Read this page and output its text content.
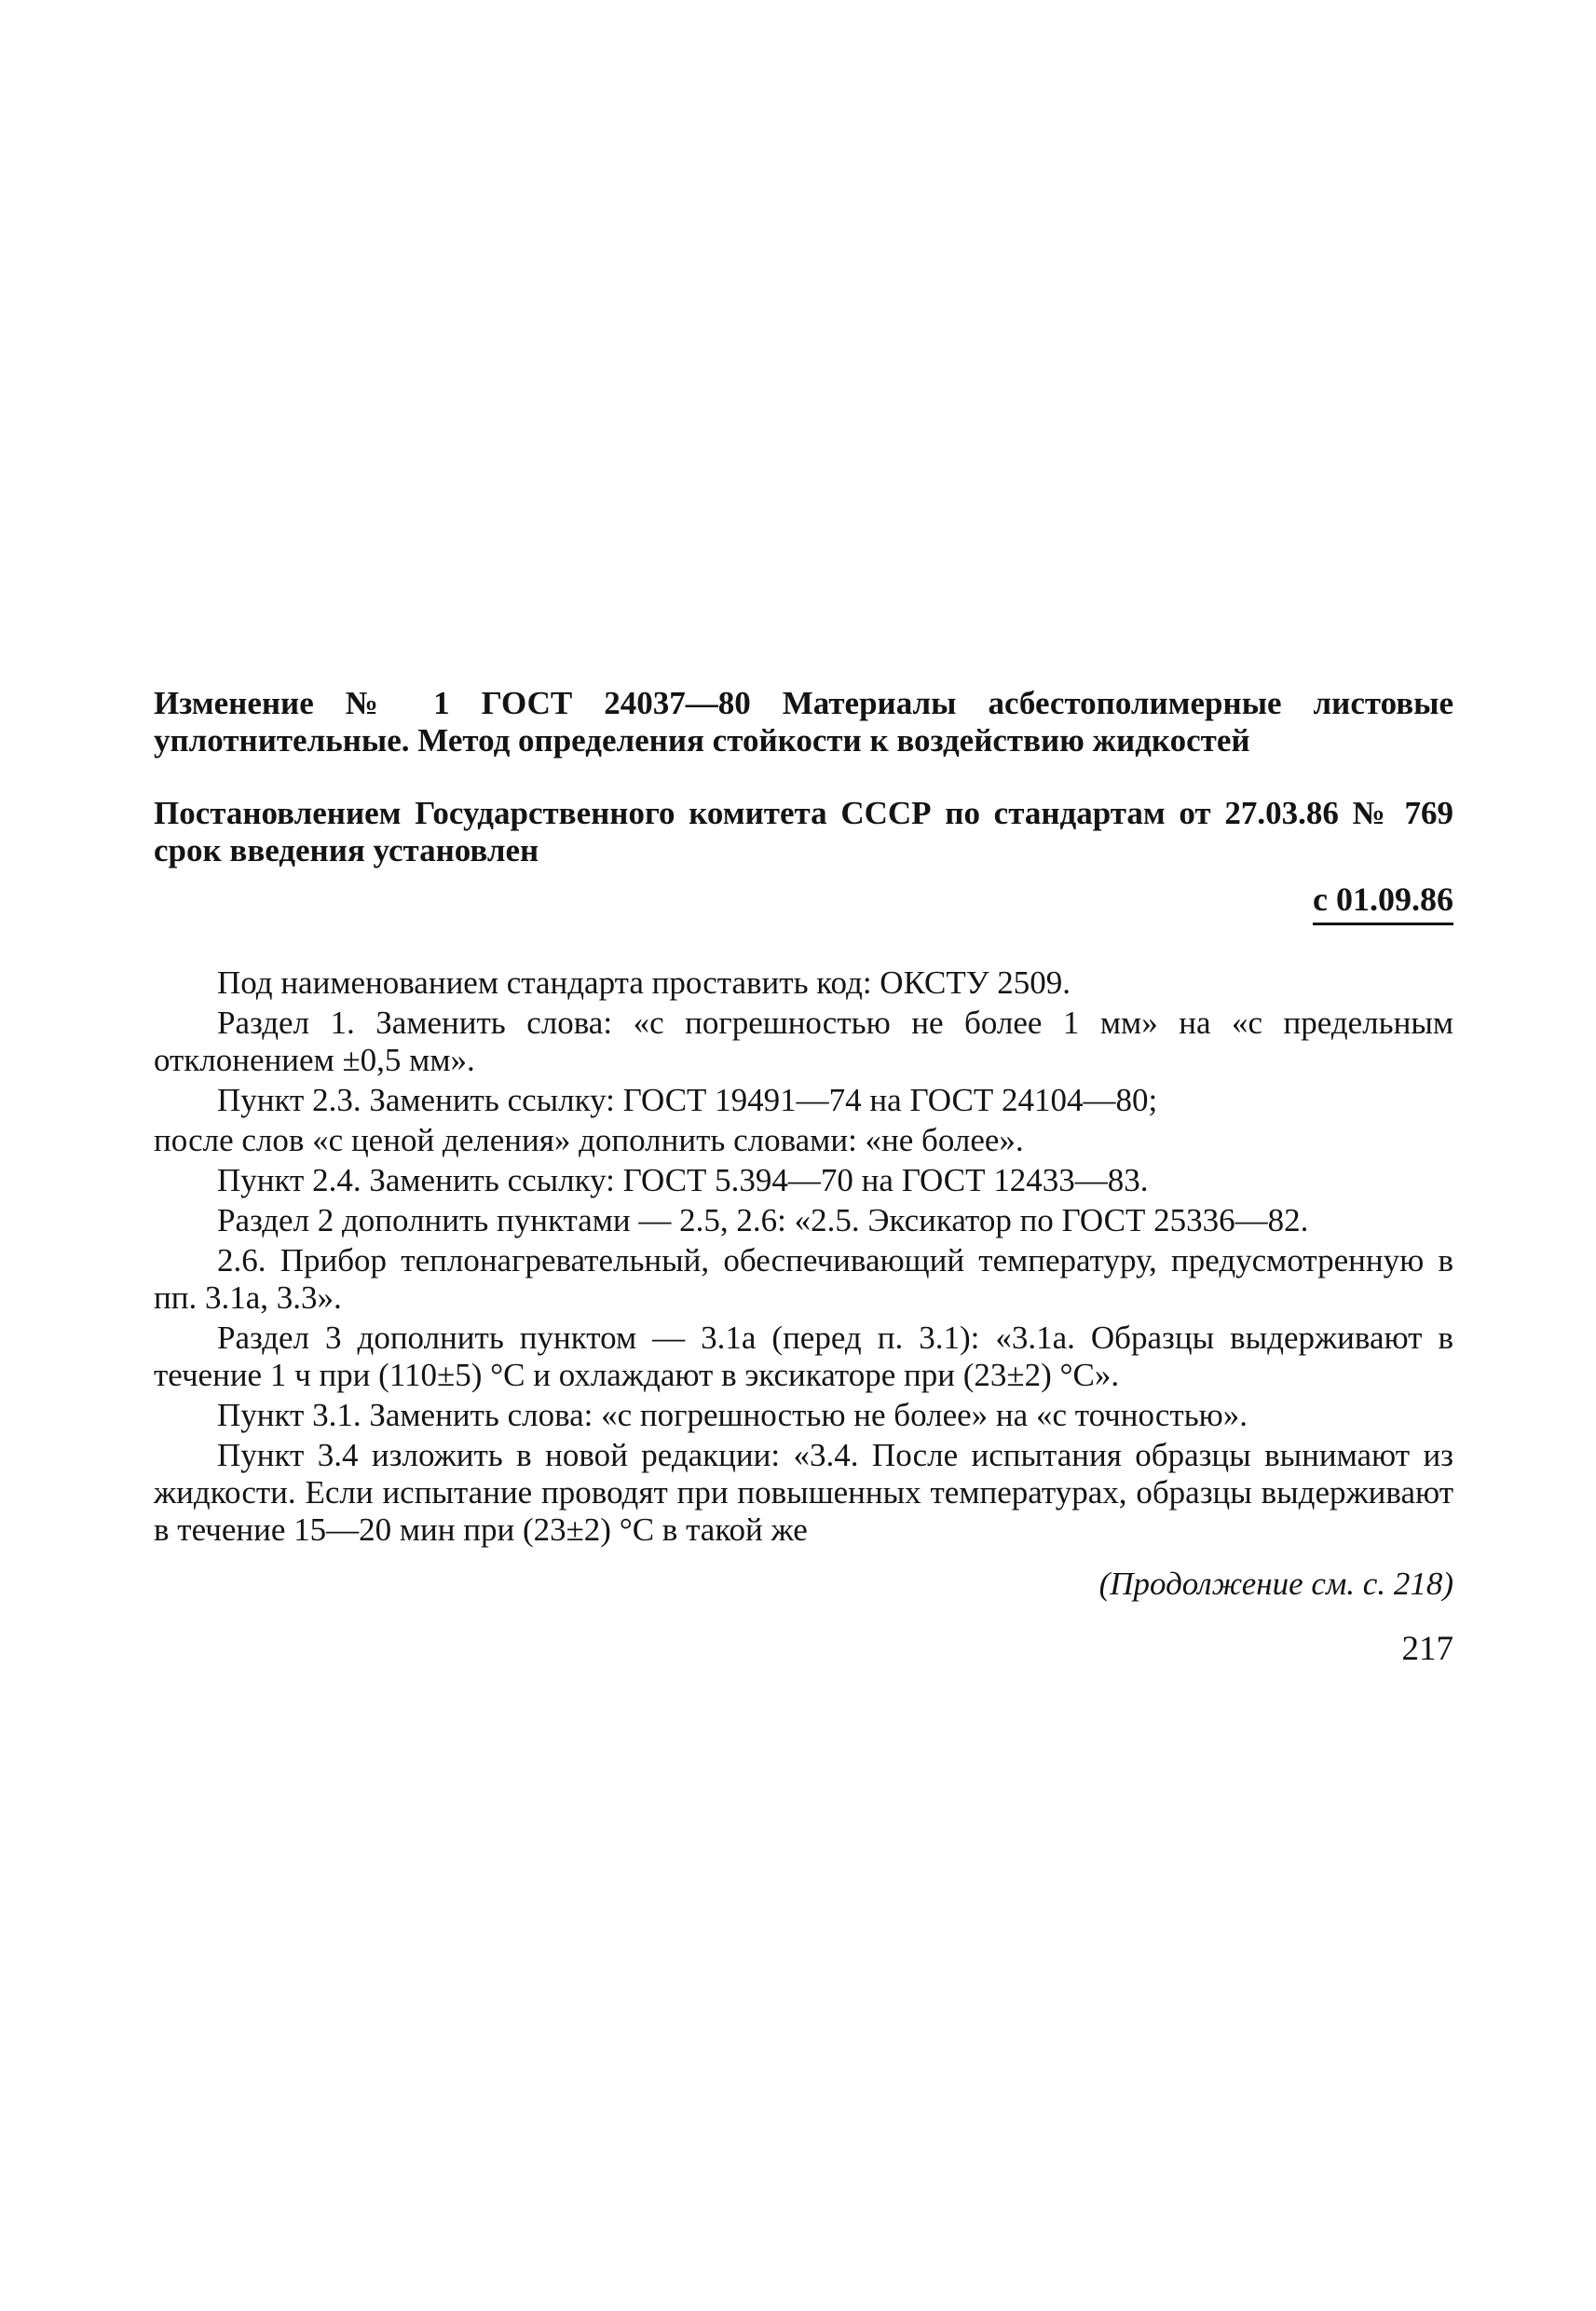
Изменение № 1 ГОСТ 24037—80 Материалы асбестополимерные листовые уплотнительные. Метод определения стойкости к воздействию жидкостей

Постановлением Государственного комитета СССР по стандартам от 27.03.86 № 769 срок введения установлен

с 01.09.86

Под наименованием стандарта проставить код: ОКСТУ 2509.

Раздел 1. Заменить слова: «с погрешностью не более 1 мм» на «с предельным отклонением ±0,5 мм».

Пункт 2.3. Заменить ссылку: ГОСТ 19491—74 на ГОСТ 24104—80;

после слов «с ценой деления» дополнить словами: «не более».

Пункт 2.4. Заменить ссылку: ГОСТ 5.394—70 на ГОСТ 12433—83.

Раздел 2 дополнить пунктами — 2.5, 2.6: «2.5. Эксикатор по ГОСТ 25336—82.

2.6. Прибор теплонагревательный, обеспечивающий температуру, предусмотренную в пп. 3.1а, 3.3».

Раздел 3 дополнить пунктом — 3.1а (перед п. 3.1): «3.1а. Образцы выдерживают в течение 1 ч при (110±5) °С и охлаждают в эксикаторе при (23±2) °С».

Пункт 3.1. Заменить слова: «с погрешностью не более» на «с точностью».

Пункт 3.4 изложить в новой редакции: «3.4. После испытания образцы вынимают из жидкости. Если испытание проводят при повышенных температурах, образцы выдерживают в течение 15—20 мин при (23±2) °С в такой же

(Продолжение см. с. 218)
217
